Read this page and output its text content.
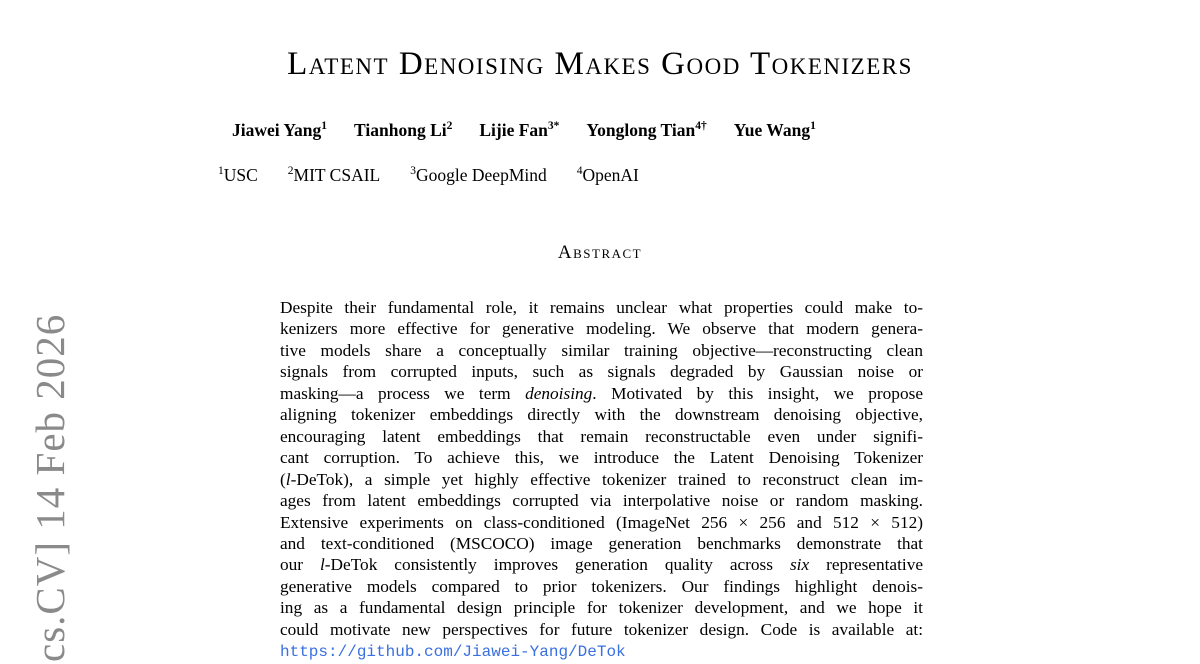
cs.CV] 14 Feb 2026
Latent Denoising Makes Good Tokenizers
Jiawei Yang$^1$ Tianhong Li$^2$ Lijie Fan$^{3*}$ Yonglong Tian$^{4\dagger}$ Yue Wang$^1$
$^1$USC	$^2$MIT CSAIL	$^3$Google DeepMind	$^4$OpenAI
Abstract
Despite their fundamental role, it remains unclear what properties could make to-
kenizers more effective for generative modeling. We observe that modern genera-
tive models share a conceptually similar training objective—reconstructing clean
signals from corrupted inputs, such as signals degraded by Gaussian noise or
masking—a process we term denoising. Motivated by this insight, we propose
aligning tokenizer embeddings directly with the downstream denoising objective,
encouraging latent embeddings that remain reconstructable even under signifi-
cant corruption. To achieve this, we introduce the Latent Denoising Tokenizer
(l-DeTok), a simple yet highly effective tokenizer trained to reconstruct clean im-
ages from latent embeddings corrupted via interpolative noise or random masking.
Extensive experiments on class-conditioned (ImageNet 256 × 256 and 512 × 512)
and text-conditioned (MSCOCO) image generation benchmarks demonstrate that
our l-DeTok consistently improves generation quality across six representative
generative models compared to prior tokenizers. Our findings highlight denois-
ing as a fundamental design principle for tokenizer development, and we hope it
could motivate new perspectives for future tokenizer design. Code is available at:
https://github.com/Jiawei-Yang/DeTok
